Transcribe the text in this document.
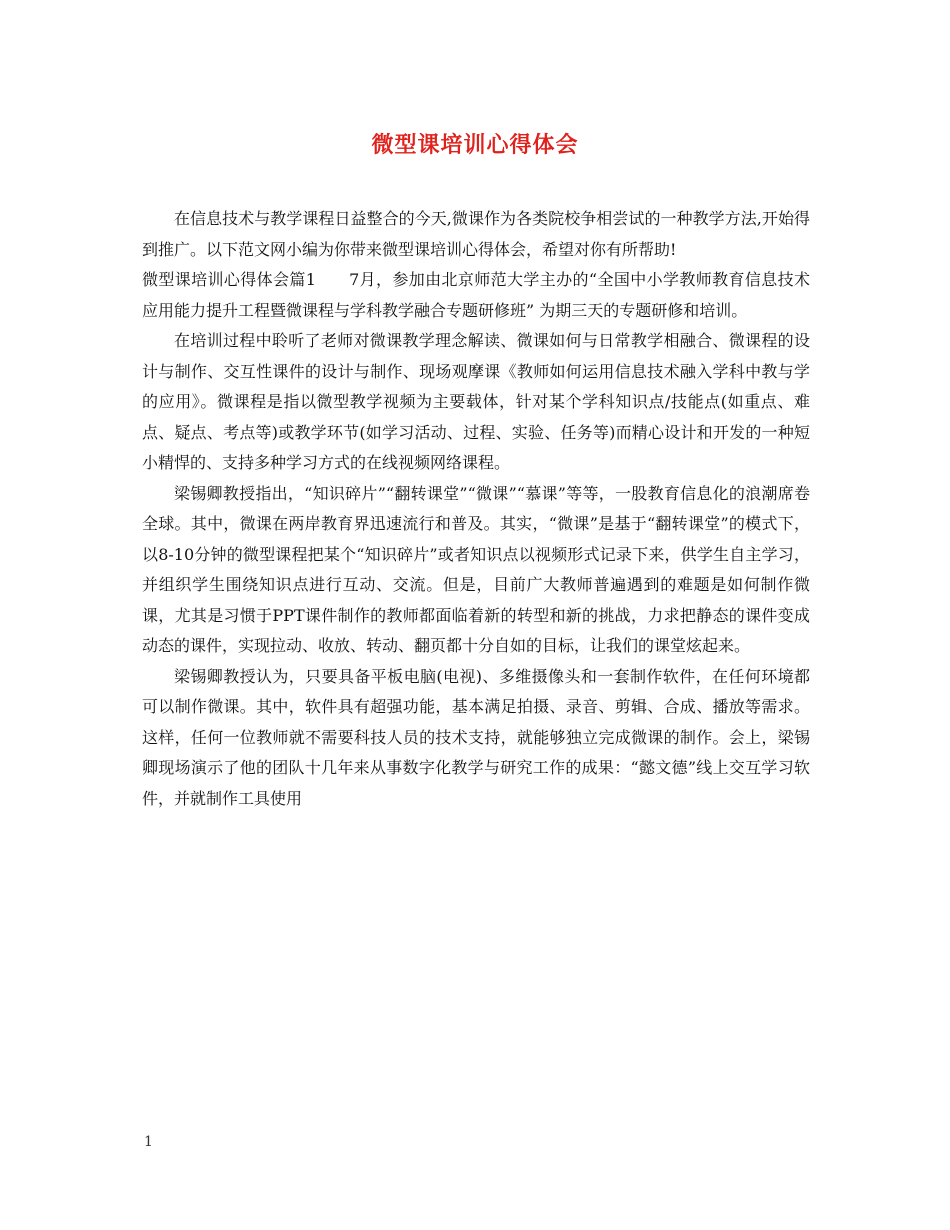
微型课培训心得体会

在信息技术与教学课程日益整合的今天,微课作为各类院校争相尝试的一种教学方法,开始得到推广。以下范文网小编为你带来微型课培训心得体会，希望对你有所帮助!

微型课培训心得体会篇1　　7月，参加由北京师范大学主办的“全国中小学教师教育信息技术应用能力提升工程暨微课程与学科教学融合专题研修班” 为期三天的专题研修和培训。

在培训过程中聆听了老师对微课教学理念解读、微课如何与日常教学相融合、微课程的设计与制作、交互性课件的设计与制作、现场观摩课《教师如何运用信息技术融入学科中教与学的应用》。微课程是指以微型教学视频为主要载体，针对某个学科知识点/技能点(如重点、难点、疑点、考点等)或教学环节(如学习活动、过程、实验、任务等)而精心设计和开发的一种短小精悍的、支持多种学习方式的在线视频网络课程。

梁锡卿教授指出，“知识碎片”“翻转课堂”“微课”“慕课”等等，一股教育信息化的浪潮席卷全球。其中，微课在两岸教育界迅速流行和普及。其实，“微课”是基于“翻转课堂”的模式下，以8-10分钟的微型课程把某个“知识碎片”或者知识点以视频形式记录下来，供学生自主学习，并组织学生围绕知识点进行互动、交流。但是，目前广大教师普遍遇到的难题是如何制作微课，尤其是习惯于PPT课件制作的教师都面临着新的转型和新的挑战，力求把静态的课件变成动态的课件，实现拉动、收放、转动、翻页都十分自如的目标，让我们的课堂炫起来。

梁锡卿教授认为，只要具备平板电脑(电视)、多维摄像头和一套制作软件，在任何环境都可以制作微课。其中，软件具有超强功能，基本满足拍摄、录音、剪辑、合成、播放等需求。这样，任何一位教师就不需要科技人员的技术支持，就能够独立完成微课的制作。会上，梁锡卿现场演示了他的团队十几年来从事数字化教学与研究工作的成果：“懿文德”线上交互学习软件，并就制作工具使用

1
